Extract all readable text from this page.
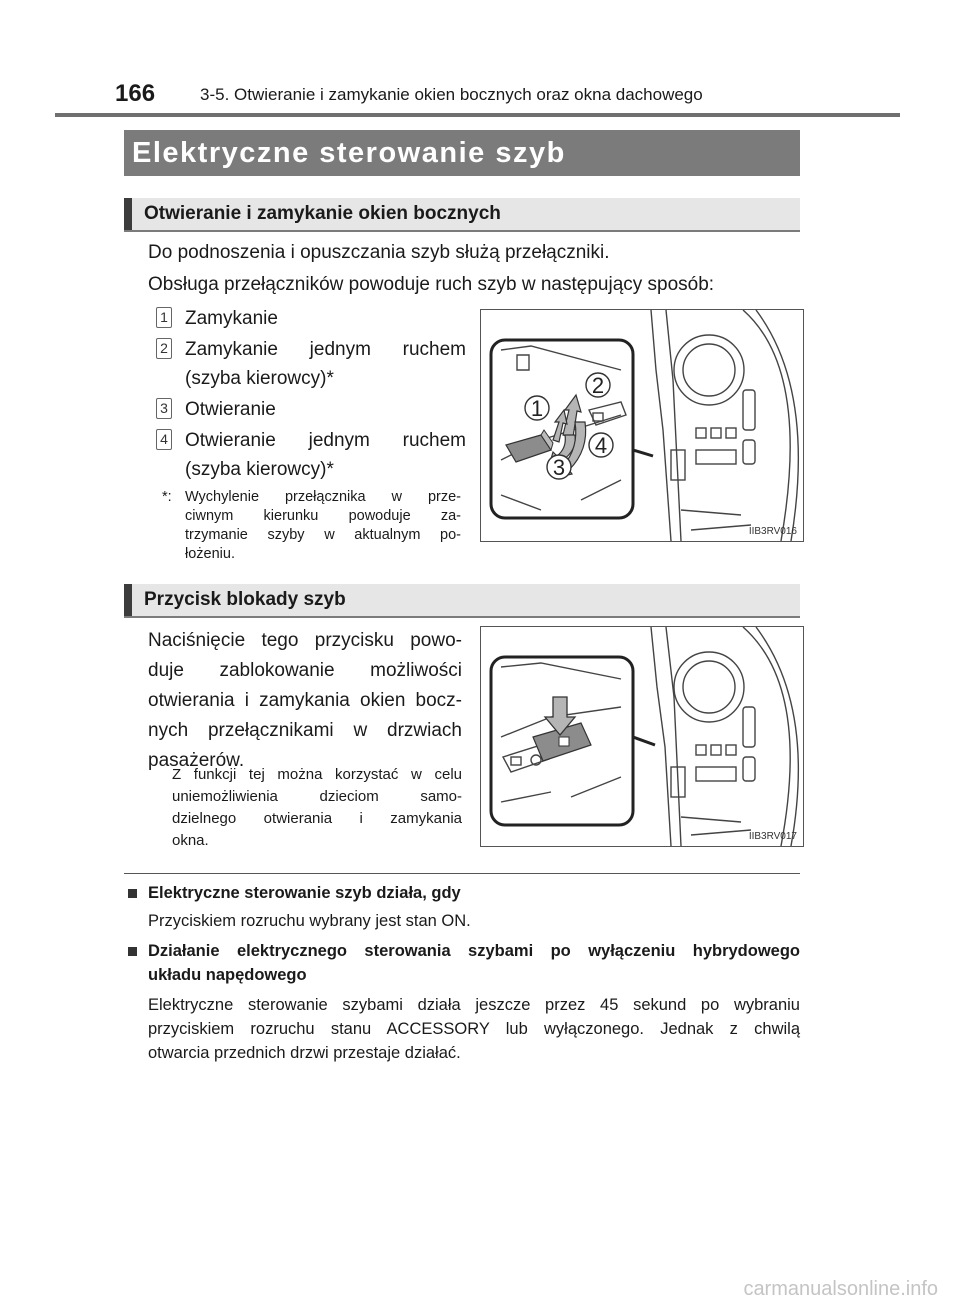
166	3-5. Otwieranie i zamykanie okien bocznych oraz okna dachowego
Elektryczne sterowanie szyb
Otwieranie i zamykanie okien bocznych
Do podnoszenia i opuszczania szyb służą przełączniki.
Obsługa przełączników powoduje ruch szyb w następujący sposób:
1 Zamykanie
2 Zamykanie jednym ruchem
(szyba kierowcy)*
3 Otwieranie
4 Otwieranie jednym ruchem
(szyba kierowcy)*
*: Wychylenie przełącznika w prze-
ciwnym kierunku powoduje za-
trzymanie szyby w aktualnym po-
łożeniu.
1
2
3
4
IIB3RV016
Przycisk blokady szyb
Naciśnięcie tego przycisku powo-
duje zablokowanie możliwości
otwierania i zamykania okien bocz-
nych przełącznikami w drzwiach
pasażerów.
Z funkcji tej można korzystać w celu
uniemożliwienia dzieciom samo-
dzielnego otwierania i zamykania
okna.	IIB3RV017
Elektryczne sterowanie szyb działa, gdy
Przyciskiem rozruchu wybrany jest stan ON.
Działanie elektrycznego sterowania szybami po wyłączeniu hybrydowego
układu napędowego
Elektryczne sterowanie szybami działa jeszcze przez 45 sekund po wybraniu
przyciskiem rozruchu stanu ACCESSORY lub wyłączonego. Jednak z chwilą
otwarcia przednich drzwi przestaje działać.
carmanualsonline.info
